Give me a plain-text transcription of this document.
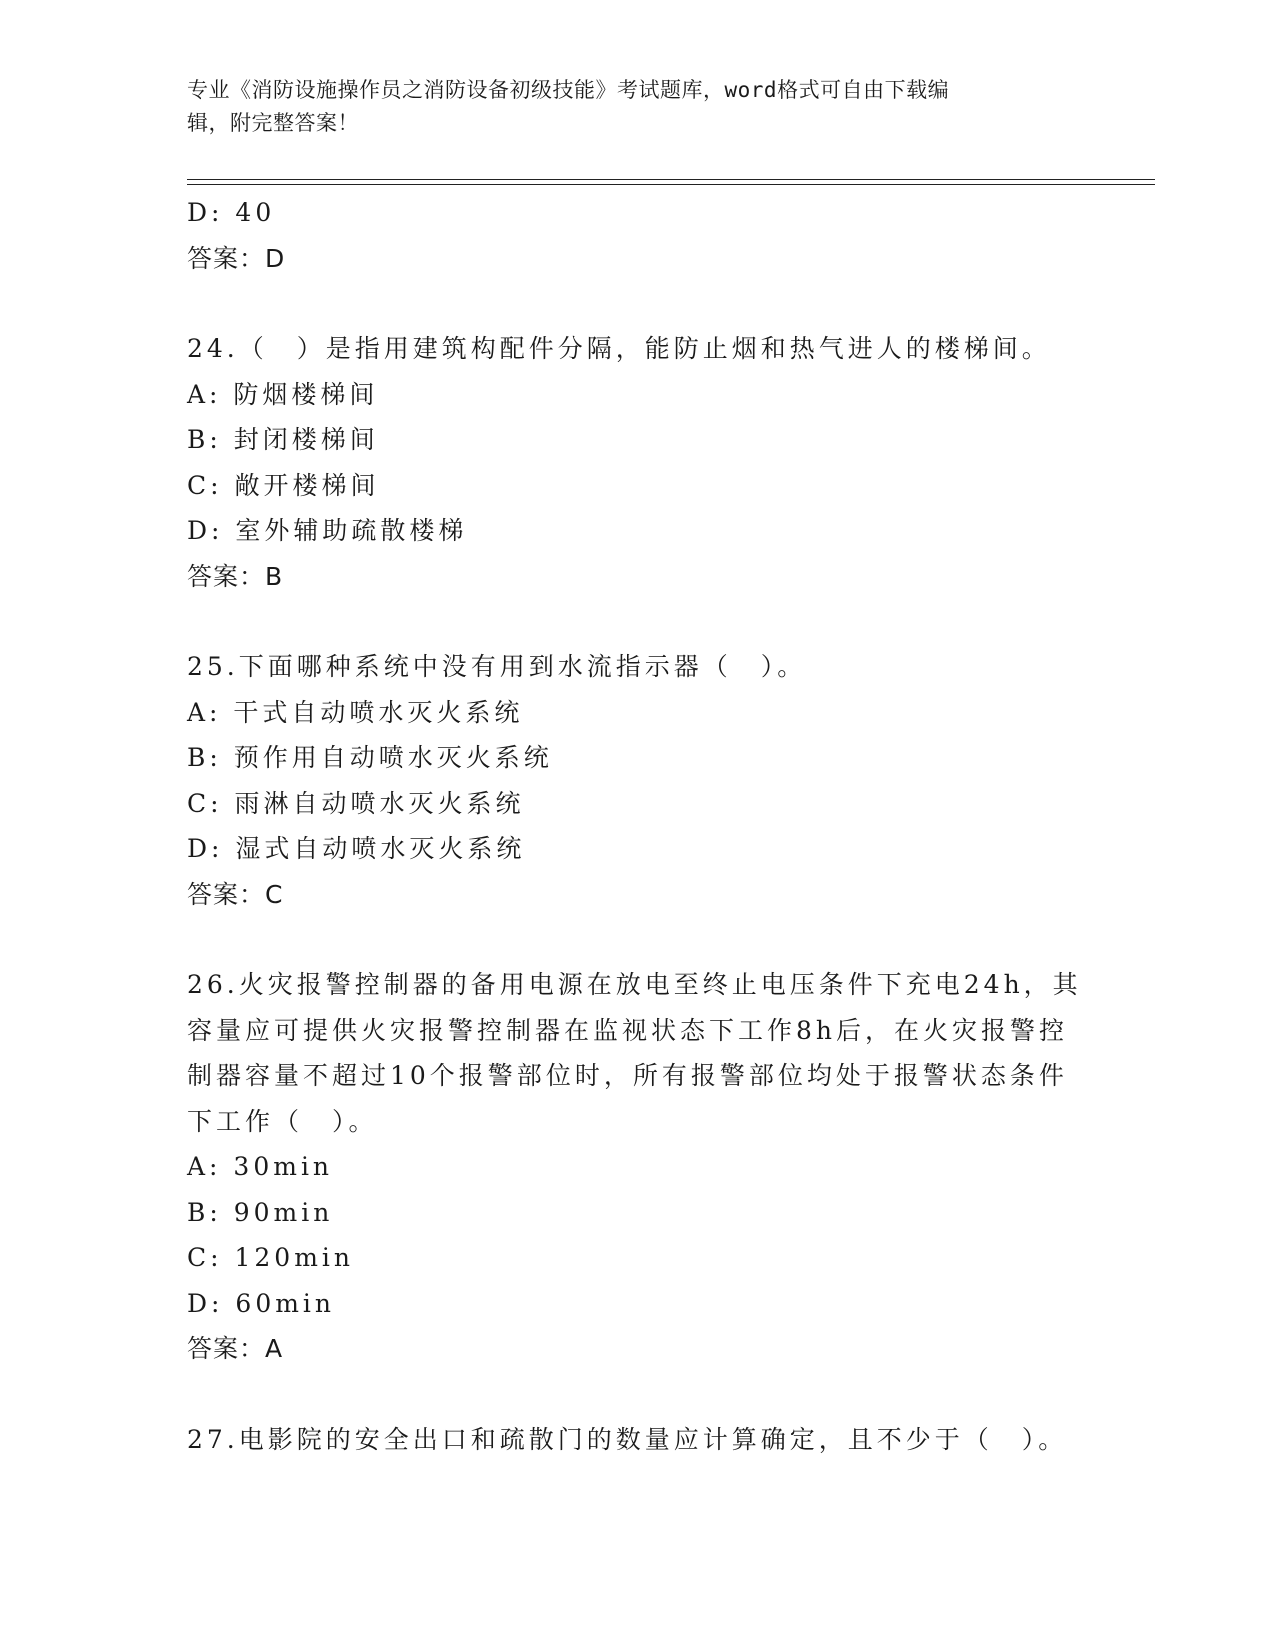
专业《消防设施操作员之消防设备初级技能》考试题库，word格式可自由下载编
辑，附完整答案！
D: 40
答案：D
24.（　）是指用建筑构配件分隔，能防止烟和热气进人的楼梯间。
A: 防烟楼梯间
B: 封闭楼梯间
C: 敞开楼梯间
D: 室外辅助疏散楼梯
答案：B
25.下面哪种系统中没有用到水流指示器（　）。
A: 干式自动喷水灭火系统
B: 预作用自动喷水灭火系统
C: 雨淋自动喷水灭火系统
D: 湿式自动喷水灭火系统
答案：C
26.火灾报警控制器的备用电源在放电至终止电压条件下充电24h，其
容量应可提供火灾报警控制器在监视状态下工作8h后，在火灾报警控
制器容量不超过10个报警部位时，所有报警部位均处于报警状态条件
下工作（　）。
A: 30min
B: 90min
C: 120min
D: 60min
答案：A
27.电影院的安全出口和疏散门的数量应计算确定，且不少于（　）。
